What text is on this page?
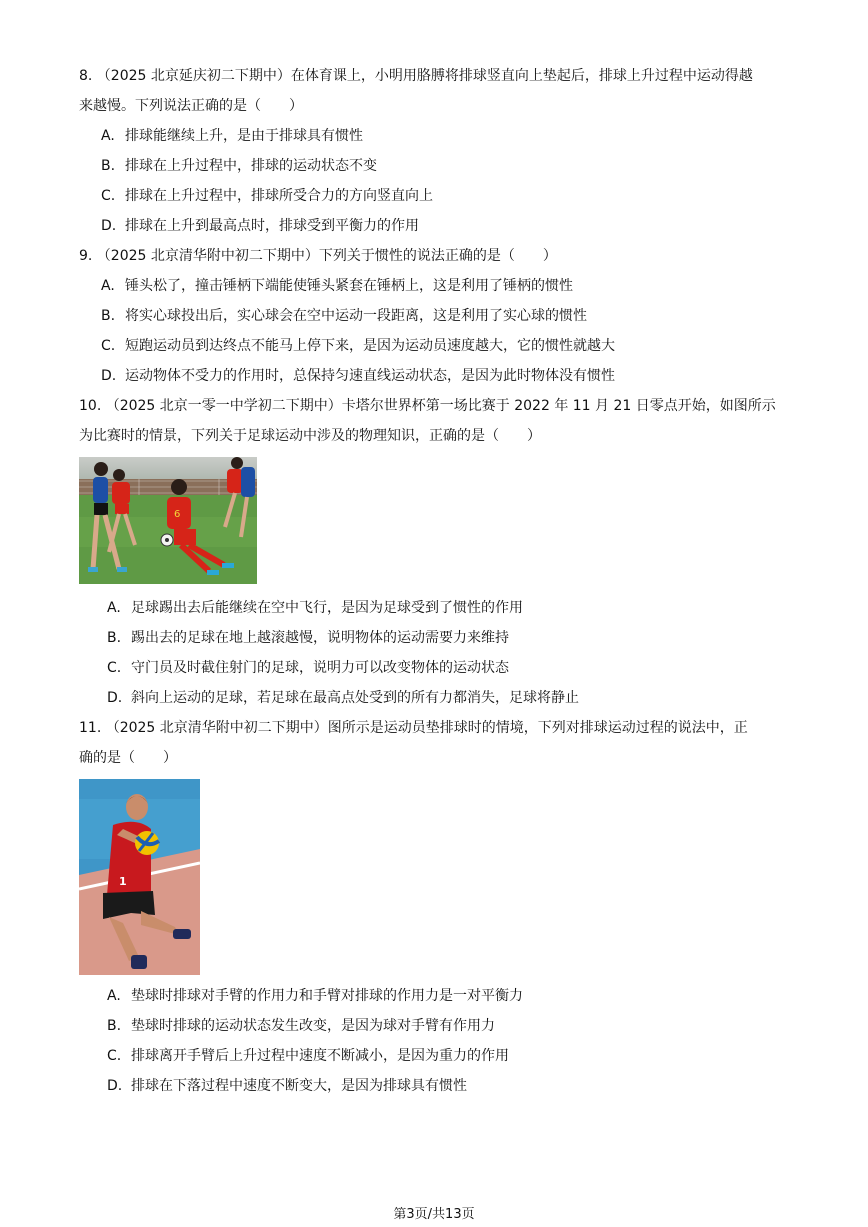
8. （2025 北京延庆初二下期中）在体育课上，小明用胳膊将排球竖直向上垫起后，排球上升过程中运动得越
来越慢。下列说法正确的是（　　）
A. 排球能继续上升，是由于排球具有惯性
B. 排球在上升过程中，排球的运动状态不变
C. 排球在上升过程中，排球所受合力的方向竖直向上
D. 排球在上升到最高点时，排球受到平衡力的作用
9. （2025 北京清华附中初二下期中）下列关于惯性的说法正确的是（　　）
A. 锤头松了，撞击锤柄下端能使锤头紧套在锤柄上，这是利用了锤柄的惯性
B. 将实心球投出后，实心球会在空中运动一段距离，这是利用了实心球的惯性
C. 短跑运动员到达终点不能马上停下来，是因为运动员速度越大，它的惯性就越大
D. 运动物体不受力的作用时，总保持匀速直线运动状态，是因为此时物体没有惯性
10. （2025 北京一零一中学初二下期中）卡塔尔世界杯第一场比赛于 2022 年 11 月 21 日零点开始，如图所示
为比赛时的情景，下列关于足球运动中涉及的物理知识，正确的是（　　）
6
A. 足球踢出去后能继续在空中飞行，是因为足球受到了惯性的作用
B. 踢出去的足球在地上越滚越慢，说明物体的运动需要力来维持
C. 守门员及时截住射门的足球，说明力可以改变物体的运动状态
D. 斜向上运动的足球，若足球在最高点处受到的所有力都消失，足球将静止
11. （2025 北京清华附中初二下期中）图所示是运动员垫排球时的情境，下列对排球运动过程的说法中，正
确的是（　　）
1
A. 垫球时排球对手臂的作用力和手臂对排球的作用力是一对平衡力
B. 垫球时排球的运动状态发生改变，是因为球对手臂有作用力
C. 排球离开手臂后上升过程中速度不断减小，是因为重力的作用
D. 排球在下落过程中速度不断变大，是因为排球具有惯性
第3页/共13页
